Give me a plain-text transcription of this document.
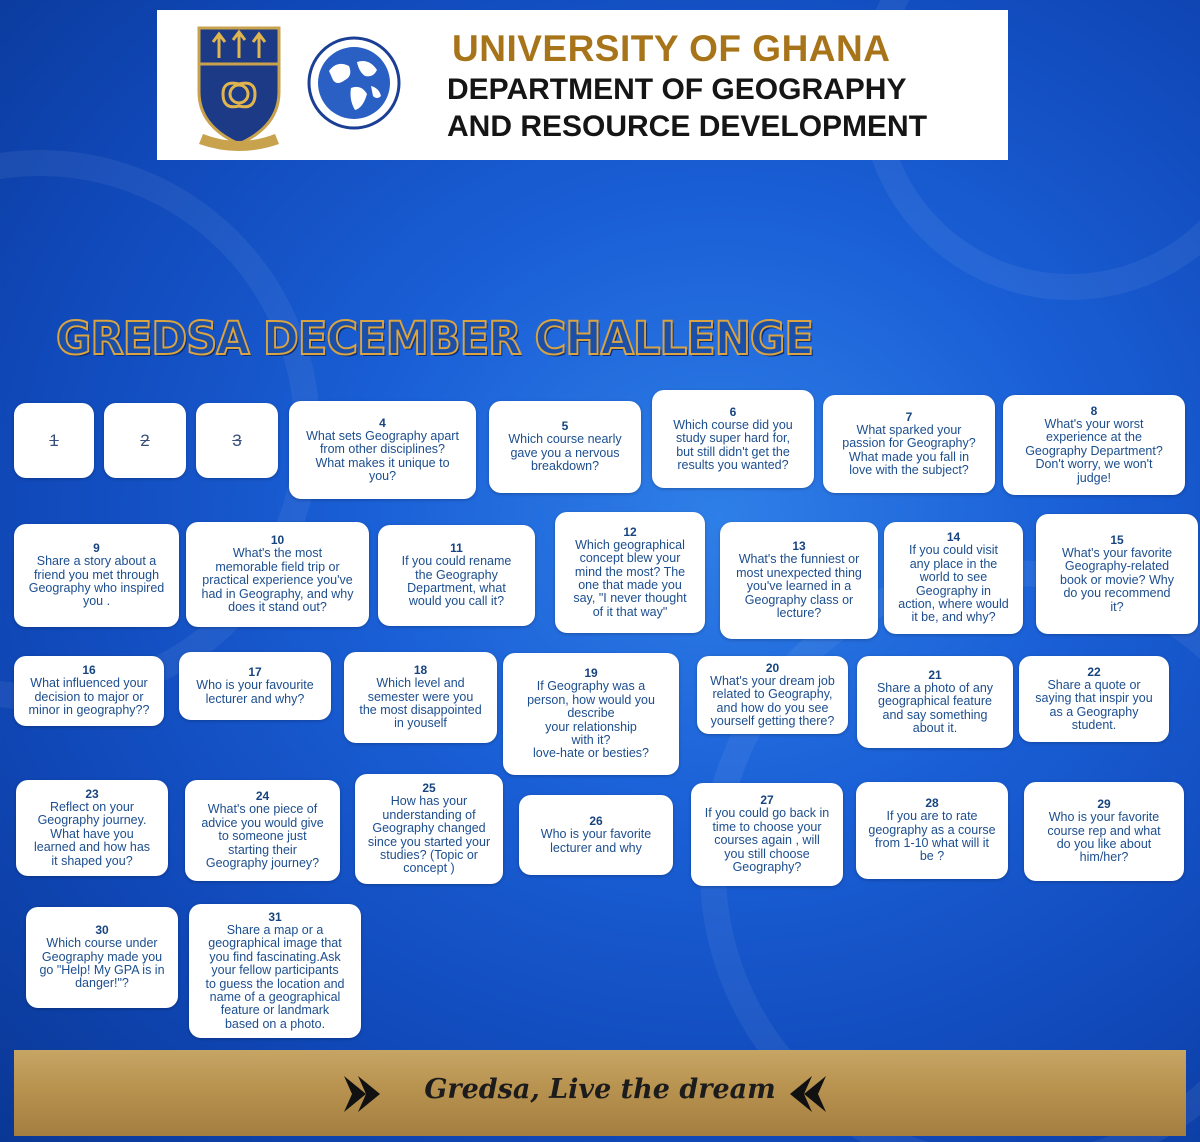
UNIVERSITY OF GHANA
DEPARTMENT OF GEOGRAPHY
AND RESOURCE DEVELOPMENT
GREDSA DECEMBER CHALLENGE
1	2	3
4
What sets Geography apart
from other disciplines?
What makes it unique to
you?
5
Which course nearly
gave you a nervous
breakdown?
6
Which course did you
study super hard for,
but still didn't get the
results you wanted?
7
What sparked your
passion for Geography?
What made you fall in
love with the subject?
8
What's your worst
experience at the
Geography Department?
Don't worry, we won't
judge!
9
Share a story about a
friend you met through
Geography who inspired
you .
10
What's the most
memorable field trip or
practical experience you've
had in Geography, and why
does it stand out?
11
If you could rename
the Geography
Department, what
would you call it?
12
Which geographical
concept blew your
mind the most? The
one that made you
say, "I never thought
of it that way"
13
What's the funniest or
most unexpected thing
you've learned in a
Geography class or
lecture?
14
If you could visit
any place in the
world to see
Geography in
action, where would
it be, and why?
15
What's your favorite
Geography-related
book or movie? Why
do you recommend
it?
16
What influenced your
decision to major or
minor in geography??
17
Who is your favourite
lecturer and why?
18
Which level and
semester were you
the most disappointed
in youself
19
If Geography was a
person, how would you
describe
your relationship
with it?
love-hate or besties?
20
What's your dream job
related to Geography,
and how do you see
yourself getting there?
21
Share a photo of any
geographical feature
and say something
about it.
22
Share a quote or
saying that inspir you
as a Geography
student.
23
Reflect on your
Geography journey.
What have you
learned and how has
it shaped you?
24
What's one piece of
advice you would give
to someone just
starting their
Geography journey?
25
How has your
understanding of
Geography changed
since you started your
studies? (Topic or
concept )
26
Who is your favorite
lecturer and why
27
If you could go back in
time to choose your
courses again , will
you still choose
Geography?
28
If you are to rate
geography as a course
from 1-10 what will it
be ?
29
Who is your favorite
course rep and what
do you like about
him/her?
30
Which course under
Geography made you
go "Help! My GPA is in
danger!"?
31
Share a map or a
geographical image that
you find fascinating.Ask
your fellow participants
to guess the location and
name of a geographical
feature or landmark
based on a photo.
Gredsa, Live the dream
